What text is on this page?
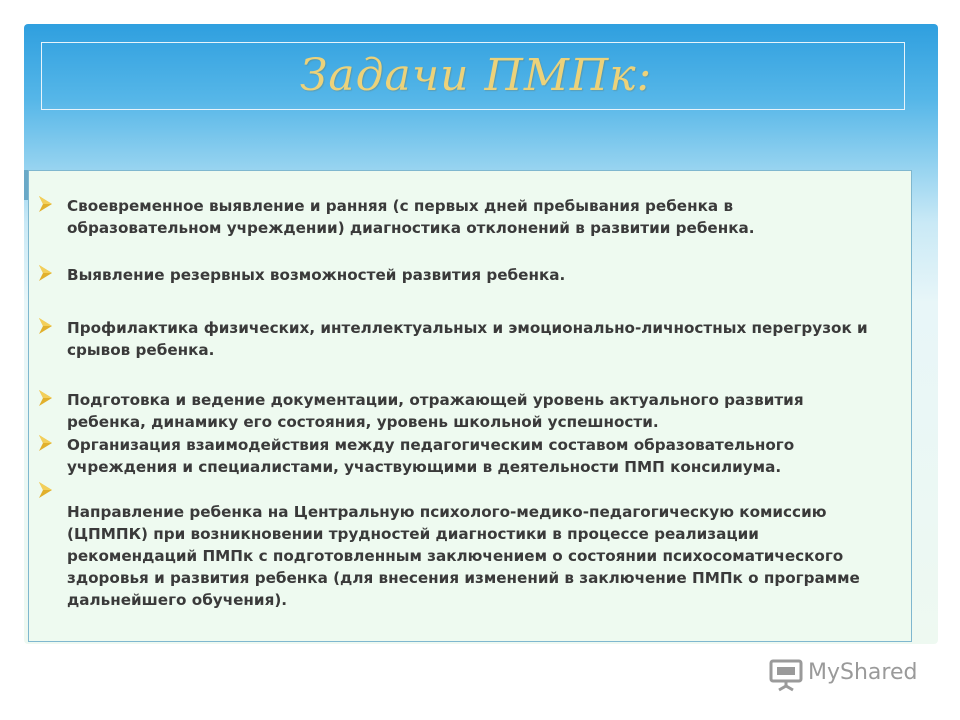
Задачи ПМПк:

Своевременное выявление и ранняя (с первых дней пребывания ребенка в
образовательном учреждении) диагностика отклонений в развитии ребенка.

Выявление резервных возможностей развития ребенка.

Профилактика физических, интеллектуальных и эмоционально-личностных перегрузок и
срывов ребенка.

Подготовка и ведение документации, отражающей уровень актуального развития
ребенка, динамику его состояния, уровень школьной успешности.

Организация взаимодействия между педагогическим составом образовательного
учреждения и специалистами, участвующими в деятельности ПМП консилиума.

Направление ребенка на Центральную психолого-медико-педагогическую комиссию
(ЦПМПК) при возникновении трудностей диагностики в процессе реализации
рекомендаций ПМПк с подготовленным заключением о состоянии психосоматического
здоровья и развития ребенка (для внесения изменений в заключение ПМПк о программе
дальнейшего обучения).

MyShared
